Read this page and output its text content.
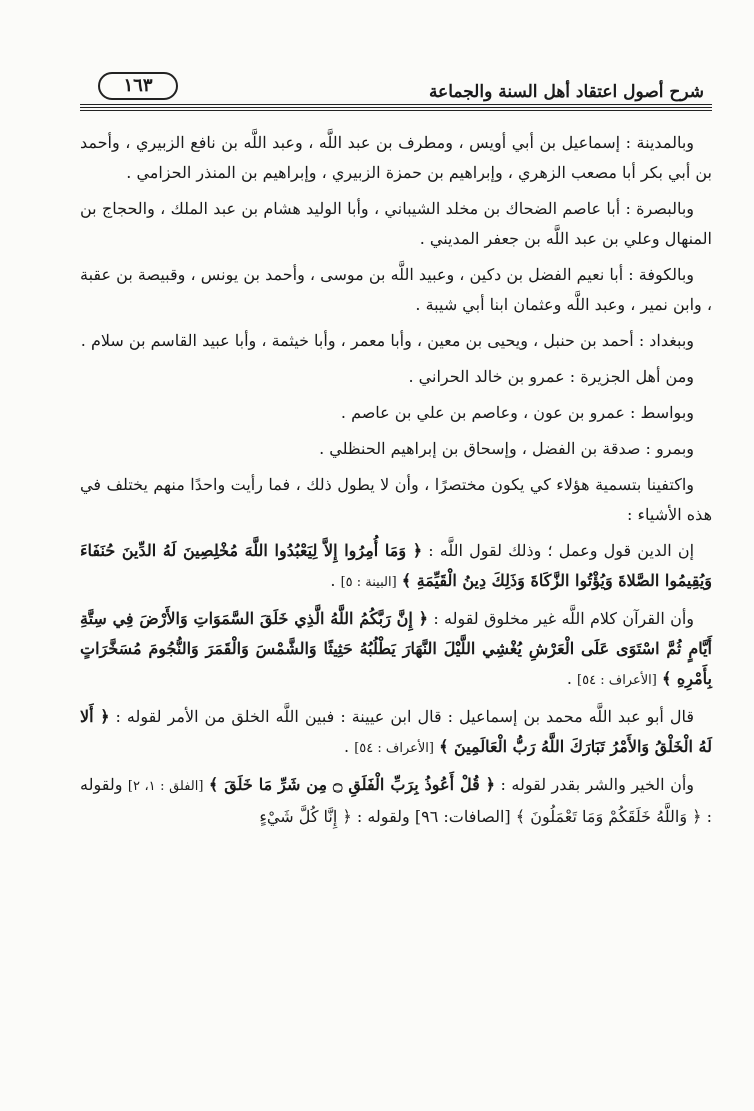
شرح أصول اعتقاد أهل السنة والجماعة
١٦٣

وبالمدينة : إسماعيل بن أبي أويس ، ومطرف بن عبد اللَّه ، وعبد اللَّه بن نافع الزبيري ، وأحمد بن أبي بكر أبا مصعب الزهري ، وإبراهيم بن حمزة الزبيري ، وإبراهيم بن المنذر الحزامي .

وبالبصرة : أبا عاصم الضحاك بن مخلد الشيباني ، وأبا الوليد هشام بن عبد الملك ، والحجاج بن المنهال وعلي بن عبد اللَّه بن جعفر المديني .

وبالكوفة : أبا نعيم الفضل بن دكين ، وعبيد اللَّه بن موسى ، وأحمد بن يونس ، وقبيصة بن عقبة ، وابن نمير ، وعبد اللَّه وعثمان ابنا أبي شيبة .

وببغداد : أحمد بن حنبل ، ويحيى بن معين ، وأبا معمر ، وأبا خيثمة ، وأبا عبيد القاسم بن سلام .

ومن أهل الجزيرة : عمرو بن خالد الحراني .

وبواسط : عمرو بن عون ، وعاصم بن علي بن عاصم .

وبمرو : صدقة بن الفضل ، وإسحاق بن إبراهيم الحنظلي .

واكتفينا بتسمية هؤلاء كي يكون مختصرًا ، وأن لا يطول ذلك ، فما رأيت واحدًا منهم يختلف في هذه الأشياء :

إن الدين قول وعمل ؛ وذلك لقول اللَّه : ﴿ وَمَا أُمِرُوا إِلاَّ لِيَعْبُدُوا اللَّهَ مُخْلِصِينَ لَهُ الدِّينَ حُنَفَاءَ وَيُقِيمُوا الصَّلاةَ وَيُؤْتُوا الزَّكَاةَ وَذَلِكَ دِينُ الْقَيِّمَةِ ﴾ [البينة : ٥] .

وأن القرآن كلام اللَّه غير مخلوق لقوله : ﴿ إِنَّ رَبَّكُمُ اللَّهُ الَّذِي خَلَقَ السَّمَوَاتِ وَالأَرْضَ فِي سِتَّةِ أَيَّامٍ ثُمَّ اسْتَوَى عَلَى الْعَرْشِ يُغْشِي اللَّيْلَ النَّهَارَ يَطْلُبُهُ حَثِيثًا وَالشَّمْسَ وَالْقَمَرَ وَالنُّجُومَ مُسَخَّرَاتٍ بِأَمْرِهِ ﴾ [الأعراف : ٥٤] .

قال أبو عبد اللَّه محمد بن إسماعيل : قال ابن عيينة : فبين اللَّه الخلق من الأمر لقوله : ﴿ أَلا لَهُ الْخَلْقُ وَالأَمْرُ تَبَارَكَ اللَّهُ رَبُّ الْعَالَمِينَ ﴾ [الأعراف : ٥٤] .

وأن الخير والشر بقدر لقوله : ﴿ قُلْ أَعُوذُ بِرَبِّ الْفَلَقِ ۝ مِن شَرِّ مَا خَلَقَ ﴾ [الفلق : ١، ٢] ولقوله : ﴿ وَاللَّهُ خَلَقَكُمْ وَمَا تَعْمَلُونَ ﴾ [الصافات: ٩٦] ولقوله : ﴿ إِنَّا كُلَّ شَيْءٍ
